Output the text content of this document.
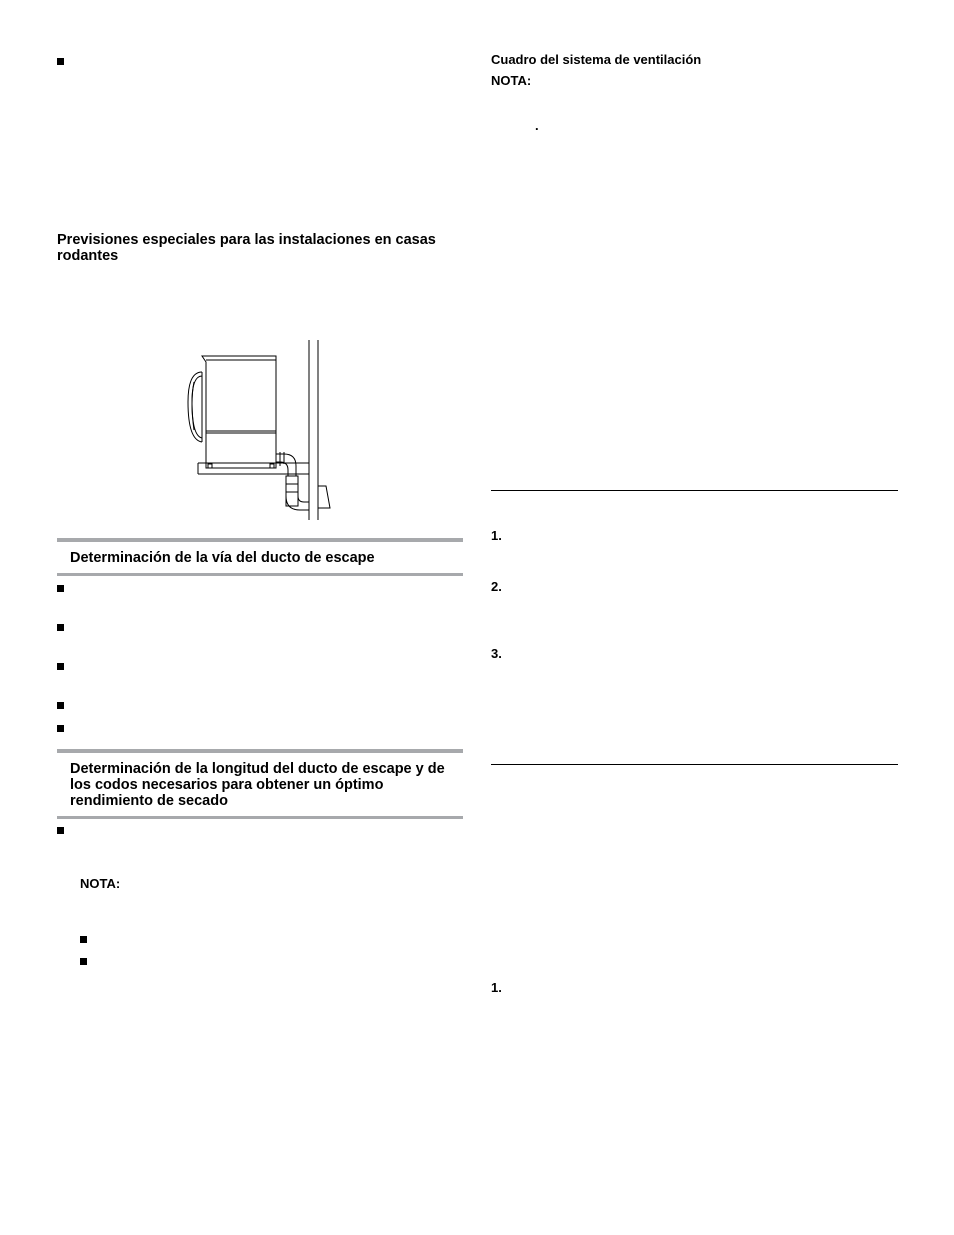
Previsiones especiales para las instalaciones en casas rodantes
Determinación de la vía del ducto de escape
Determinación de la longitud del ducto de escape y de los codos necesarios para obtener un óptimo rendimiento de secado
NOTA:
Cuadro del sistema de ventilación
NOTA:
.
1.
2.
3.
1.
